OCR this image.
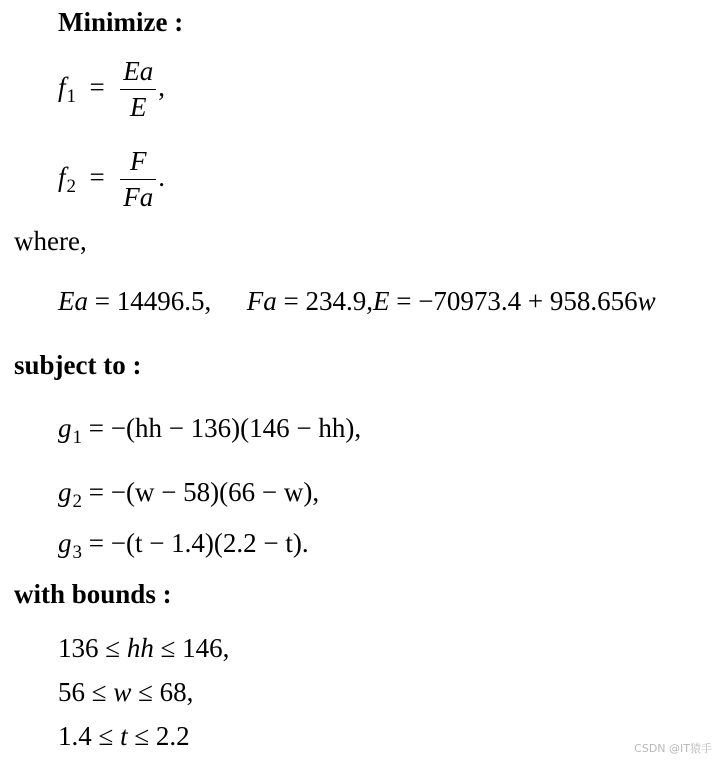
Minimize :
$f_1 = \frac{Ea}{E}$ ,
$f_2 = \frac{F}{Fa}$ .
where,
Ea = 14496.5, Fa = 234.9,E = −70973.4 + 958.656w
subject to :
$g_1 = -(hh - 136)(146 - hh)$,
$g_2 = -(w - 58)(66 - w)$,
$g_3 = -(t - 1.4)(2.2 - t)$.
with bounds :
136 ≤ hh ≤ 146,
56 ≤ w ≤ 68,
1.4 ≤ t ≤ 2.2	CSDN @IT猿手
